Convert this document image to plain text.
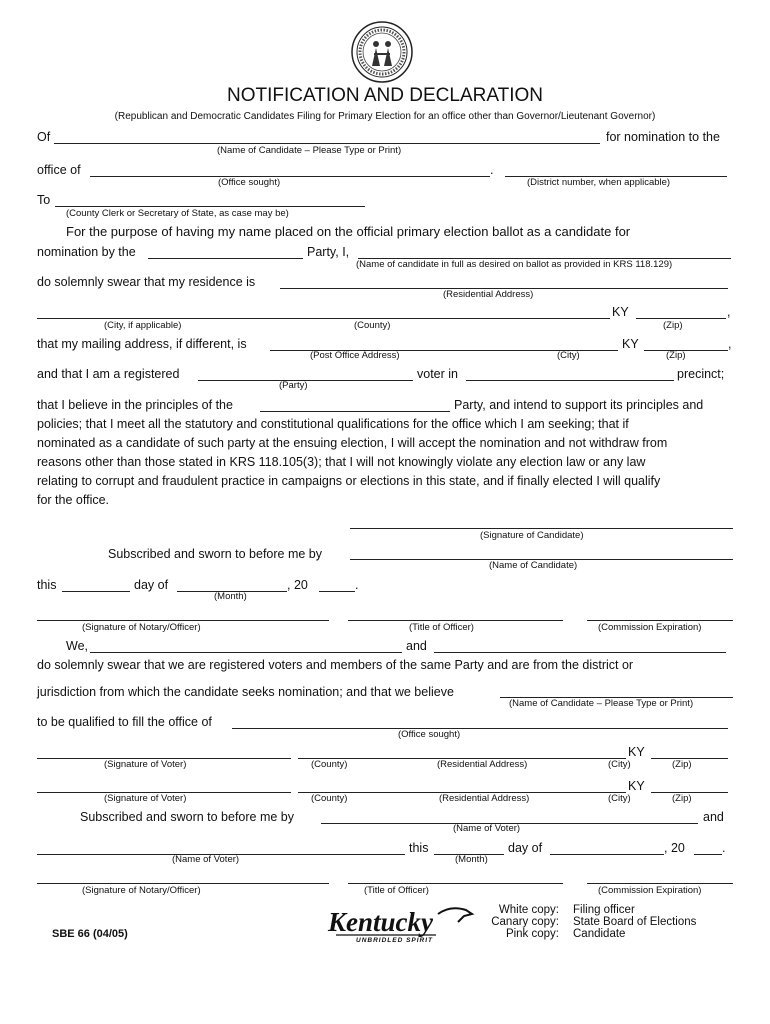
NOTIFICATION AND DECLARATION
(Republican and Democratic Candidates Filing for Primary Election for an office other than Governor/Lieutenant Governor)
Of	for nomination to the
(Name of Candidate – Please Type or Print)
office of	.
(Office sought)	(District number, when applicable)
To
(County Clerk or Secretary of State, as case may be)
For the purpose of having my name placed on the official primary election ballot as a candidate for
nomination by the	Party, I,
(Name of candidate in full as desired on ballot as provided in KRS 118.129)
do solemnly swear that my residence is
(Residential Address)
KY	,
(City, if applicable)	(County)	(Zip)
that my mailing address, if different, is	KY	,
(Post Office Address)	(City)	(Zip)
and that I am a registered	voter in	precinct;
(Party)
that I believe in the principles of the	Party, and intend to support its principles and
policies; that I meet all the statutory and constitutional qualifications for the office which I am seeking; that if
nominated as a candidate of such party at the ensuing election, I will accept the nomination and not withdraw from
reasons other than those stated in KRS 118.105(3); that I will not knowingly violate any election law or any law
relating to corrupt and fraudulent practice in campaigns or elections in this state, and if finally elected I will qualify
for the office.
(Signature of Candidate)
Subscribed and sworn to before me by
(Name of Candidate)
this	day of	, 20	.
(Month)
(Signature of Notary/Officer)	(Title of Officer)	(Commission Expiration)
We,	and
do solemnly swear that we are registered voters and members of the same Party and are from the district or
jurisdiction from which the candidate seeks nomination; and that we believe
(Name of Candidate – Please Type or Print)
to be qualified to fill the office of
(Office sought)
KY
(Signature of Voter)	(County)	(Residential Address)	(City)	(Zip)
KY
(Signature of Voter)	(County)	(Residential Address)	(City)	(Zip)
Subscribed and sworn to before me by	and
(Name of Voter)
this	day of	, 20	.
(Name of Voter)	(Month)
(Signature of Notary/Officer)	(Title of Officer)	(Commission Expiration)
SBE 66 (04/05)	Kentucky
UNBRIDLED SPIRIT
White copy: Filing officer
Canary copy: State Board of Elections
Pink copy: Candidate
